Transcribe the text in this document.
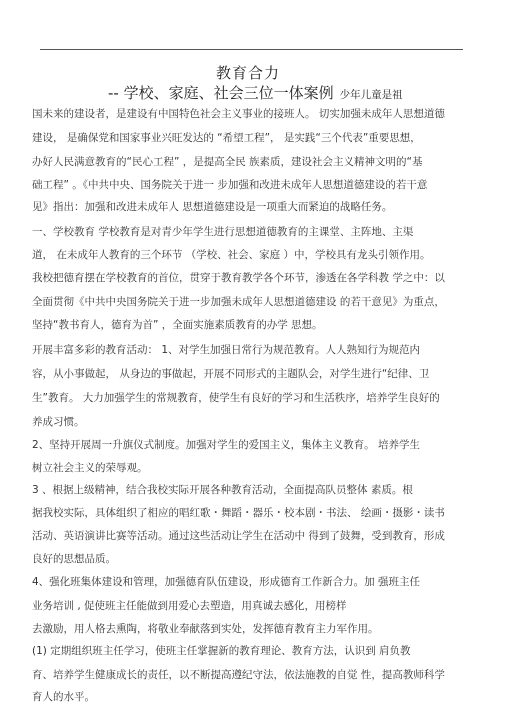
教育合力
-- 学校、家庭、社会三位一体案例 少年儿童是祖
国未来的建设者，是建设有中国特色社会主义事业的接班人。 切实加强未成年人思想道德
建设， 是确保党和国家事业兴旺发达的 “希望工程”， 是实践“三个代表”重要思想，
办好人民满意教育的“民心工程” ，是提高全民 族素质，建设社会主义精神文明的“基
础工程” 。《中共中央、国务院关于进一 步加强和改进未成年人思想道德建设的若干意
见》指出：加强和改进未成年人 思想道德建设是一项重大而紧迫的战略任务。
一、学校教育 学校教育是对青少年学生进行思想道德教育的主课堂、主阵地、主渠
道， 在未成年人教育的三个环节 （学校、社会、家庭 ）中，学校具有龙头引领作用。
我校把德育摆在学校教育的首位，贯穿于教育教学各个环节，渗透在各学科教 学之中：以
全面贯彻《中共中央国务院关于进一步加强未成年人思想道德建设 的若干意见》为重点，
坚持“教书育人，德育为首” ，全面实施素质教育的办学 思想。
开展丰富多彩的教育活动： 1、对学生加强日常行为规范教育。人人熟知行为规范内
容，从小事做起， 从身边的事做起，开展不同形式的主题队会，对学生进行“纪律、卫
生”教育。 大力加强学生的常规教育，使学生有良好的学习和生活秩序，培养学生良好的
养成习惯。
2、坚持开展周一升旗仪式制度。加强对学生的爱国主义，集体主义教育。 培养学生
树立社会主义的荣辱观。
3 、根据上级精神，结合我校实际开展各种教育活动，全面提高队员整体 素质。根
据我校实际，具体组织了相应的唱红歌・舞蹈・器乐・校本剧・书法、 绘画・摄影・读书
活动、英语演讲比赛等活动。通过这些活动让学生在活动中 得到了鼓舞，受到教育，形成
良好的思想品质。
4、强化班集体建设和管理，加强德育队伍建设，形成德育工作新合力。加 强班主任
业务培训 , 促使班主任能做到用爱心去塑造，用真诚去感化，用榜样
去激励，用人格去熏陶，将敬业奉献落到实处，发挥德育教育主力军作用。
(1) 定期组织班主任学习，使班主任掌握新的教育理论、教育方法，认识到 肩负教
育、培养学生健康成长的责任，以不断提高遵纪守法，依法施教的自觉 性，提高教师科学
育人的水平。
